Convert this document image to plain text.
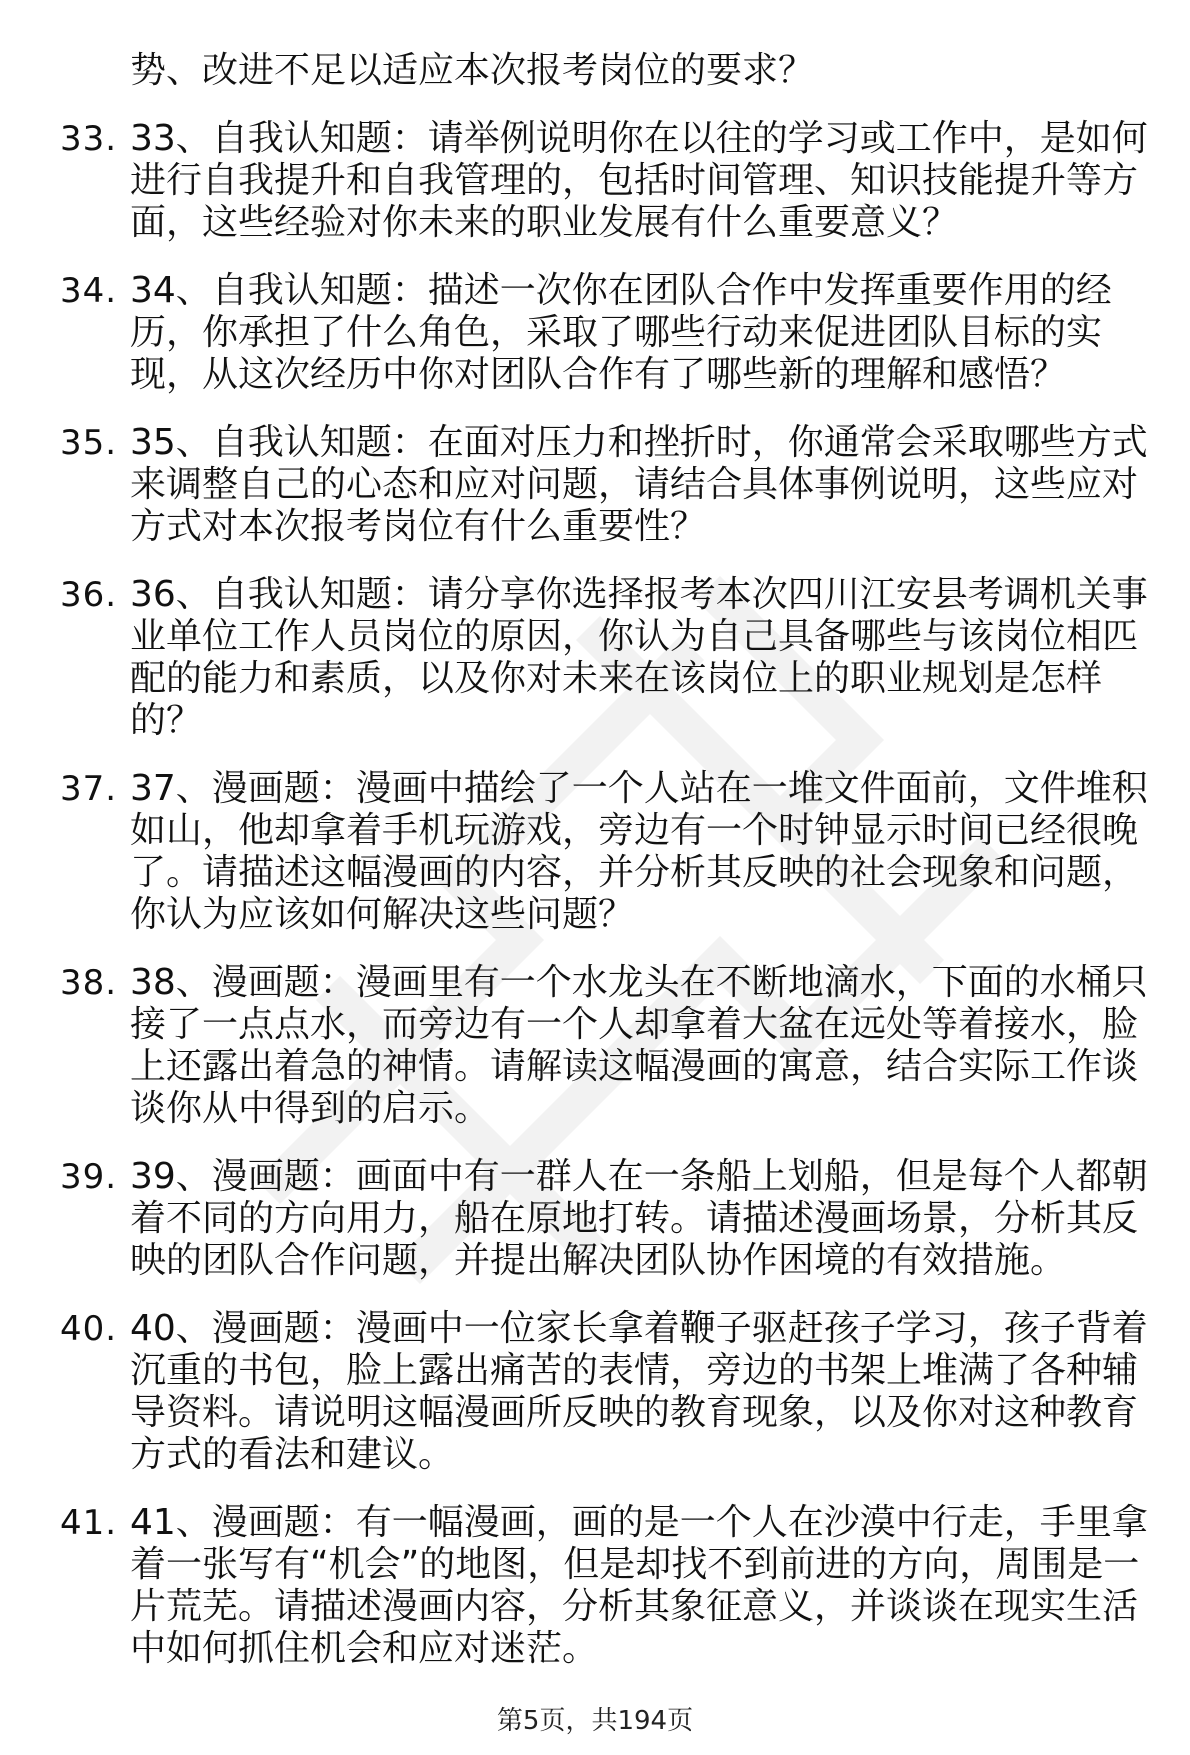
势、改进不足以适应本次报考岗位的要求？
33. 33、自我认知题：请举例说明你在以往的学习或工作中，是如何进行自我提升和自我管理的，包括时间管理、知识技能提升等方面，这些经验对你未来的职业发展有什么重要意义？
34. 34、自我认知题：描述一次你在团队合作中发挥重要作用的经历，你承担了什么角色，采取了哪些行动来促进团队目标的实现，从这次经历中你对团队合作有了哪些新的理解和感悟？
35. 35、自我认知题：在面对压力和挫折时，你通常会采取哪些方式来调整自己的心态和应对问题，请结合具体事例说明，这些应对方式对本次报考岗位有什么重要性？
36. 36、自我认知题：请分享你选择报考本次四川江安县考调机关事业单位工作人员岗位的原因，你认为自己具备哪些与该岗位相匹配的能力和素质，以及你对未来在该岗位上的职业规划是怎样的？
37. 37、漫画题：漫画中描绘了一个人站在一堆文件面前，文件堆积如山，他却拿着手机玩游戏，旁边有一个时钟显示时间已经很晚了。请描述这幅漫画的内容，并分析其反映的社会现象和问题，你认为应该如何解决这些问题？
38. 38、漫画题：漫画里有一个水龙头在不断地滴水，下面的水桶只接了一点点水，而旁边有一个人却拿着大盆在远处等着接水，脸上还露出着急的神情。请解读这幅漫画的寓意，结合实际工作谈谈你从中得到的启示。
39. 39、漫画题：画面中有一群人在一条船上划船，但是每个人都朝着不同的方向用力，船在原地打转。请描述漫画场景，分析其反映的团队合作问题，并提出解决团队协作困境的有效措施。
40. 40、漫画题：漫画中一位家长拿着鞭子驱赶孩子学习，孩子背着沉重的书包，脸上露出痛苦的表情，旁边的书架上堆满了各种辅导资料。请说明这幅漫画所反映的教育现象，以及你对这种教育方式的看法和建议。
41. 41、漫画题：有一幅漫画，画的是一个人在沙漠中行走，手里拿着一张写有“机会”的地图，但是却找不到前进的方向，周围是一片荒芜。请描述漫画内容，分析其象征意义，并谈谈在现实生活中如何抓住机会和应对迷茫。
第5页，共194页
